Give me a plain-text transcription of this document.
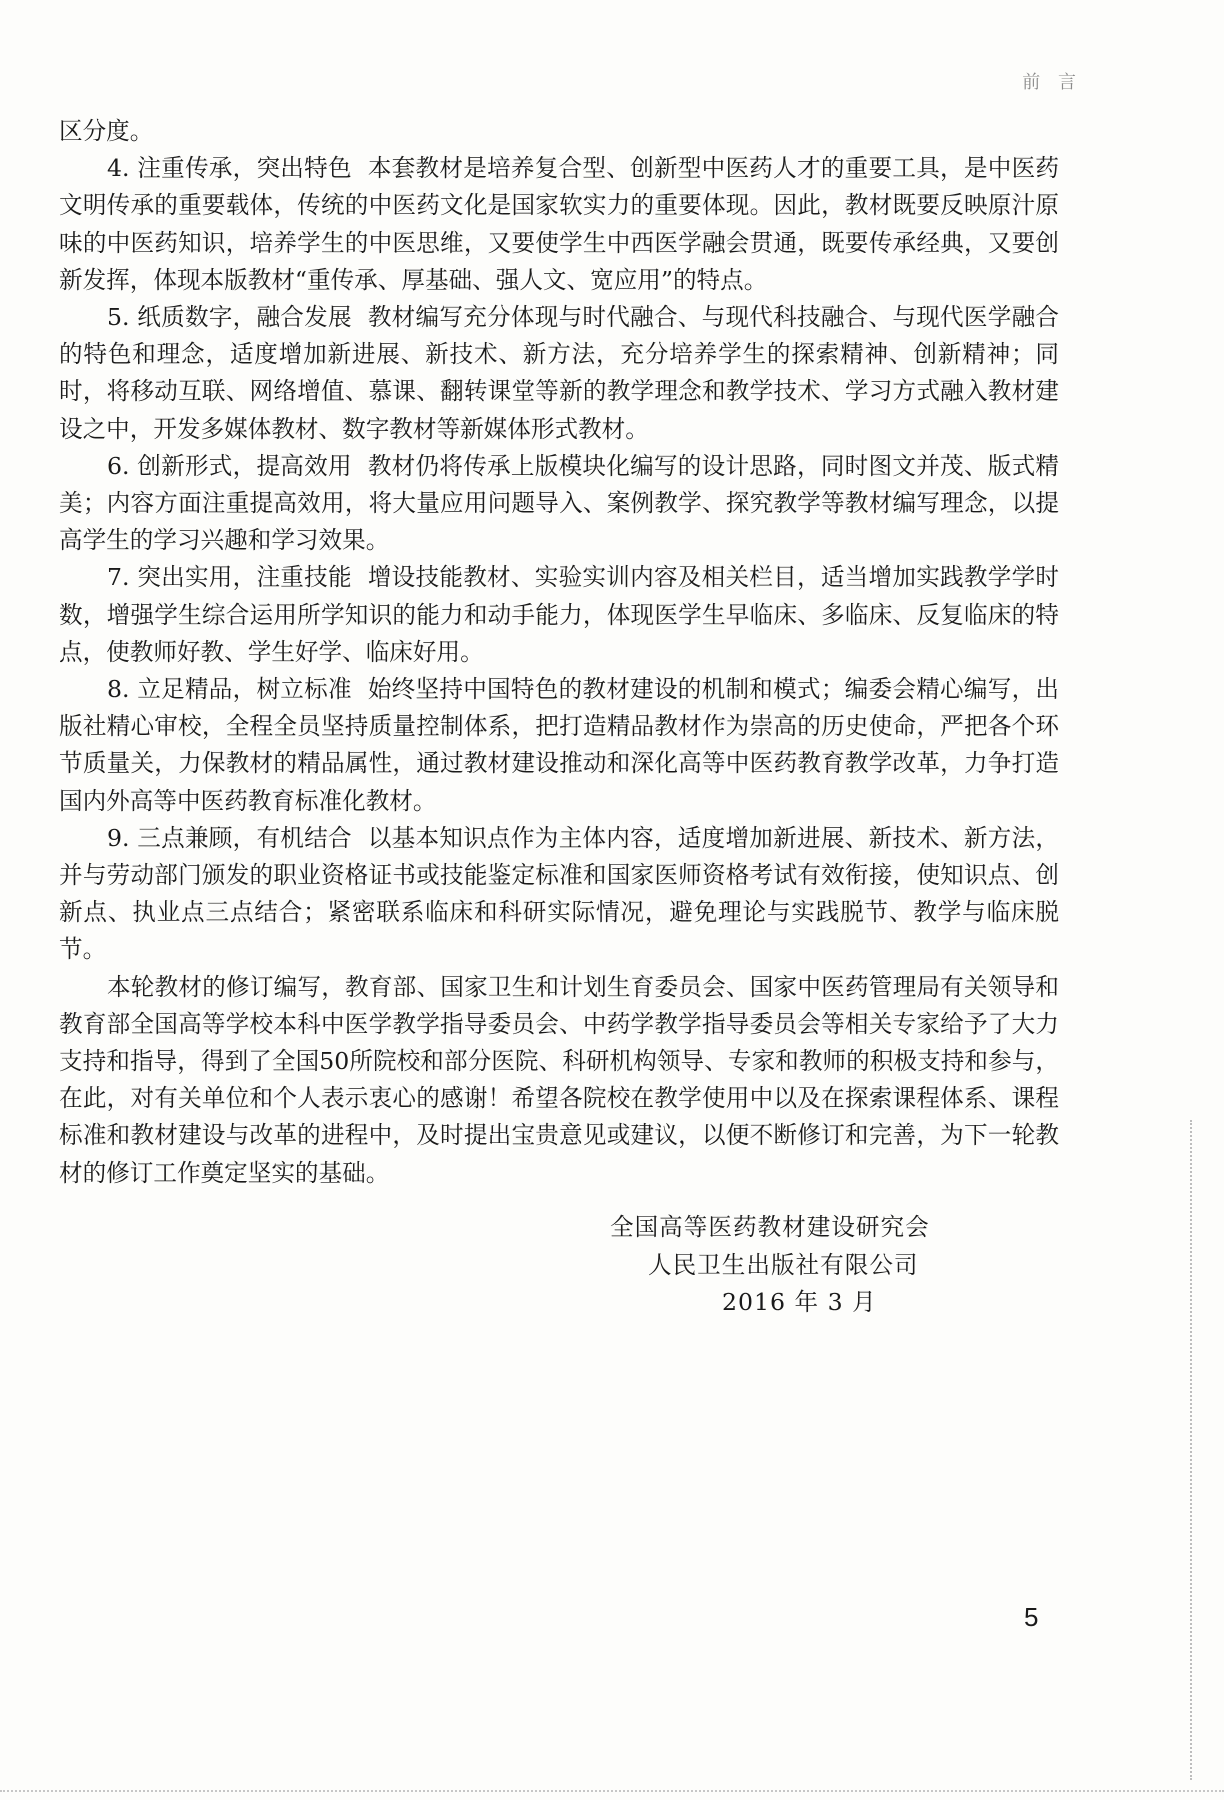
前 言

区分度。

4. 注重传承，突出特色 本套教材是培养复合型、创新型中医药人才的重要工具，是中医药文明传承的重要载体，传统的中医药文化是国家软实力的重要体现。因此，教材既要反映原汁原味的中医药知识，培养学生的中医思维，又要使学生中西医学融会贯通，既要传承经典，又要创新发挥，体现本版教材“重传承、厚基础、强人文、宽应用”的特点。

5. 纸质数字，融合发展 教材编写充分体现与时代融合、与现代科技融合、与现代医学融合的特色和理念，适度增加新进展、新技术、新方法，充分培养学生的探索精神、创新精神；同时，将移动互联、网络增值、慕课、翻转课堂等新的教学理念和教学技术、学习方式融入教材建设之中，开发多媒体教材、数字教材等新媒体形式教材。

6. 创新形式，提高效用 教材仍将传承上版模块化编写的设计思路，同时图文并茂、版式精美；内容方面注重提高效用，将大量应用问题导入、案例教学、探究教学等教材编写理念，以提高学生的学习兴趣和学习效果。

7. 突出实用，注重技能 增设技能教材、实验实训内容及相关栏目，适当增加实践教学学时数，增强学生综合运用所学知识的能力和动手能力，体现医学生早临床、多临床、反复临床的特点，使教师好教、学生好学、临床好用。

8. 立足精品，树立标准 始终坚持中国特色的教材建设的机制和模式；编委会精心编写，出版社精心审校，全程全员坚持质量控制体系，把打造精品教材作为崇高的历史使命，严把各个环节质量关，力保教材的精品属性，通过教材建设推动和深化高等中医药教育教学改革，力争打造国内外高等中医药教育标准化教材。

9. 三点兼顾，有机结合 以基本知识点作为主体内容，适度增加新进展、新技术、新方法，并与劳动部门颁发的职业资格证书或技能鉴定标准和国家医师资格考试有效衔接，使知识点、创新点、执业点三点结合；紧密联系临床和科研实际情况，避免理论与实践脱节、教学与临床脱节。

本轮教材的修订编写，教育部、国家卫生和计划生育委员会、国家中医药管理局有关领导和教育部全国高等学校本科中医学教学指导委员会、中药学教学指导委员会等相关专家给予了大力支持和指导，得到了全国50所院校和部分医院、科研机构领导、专家和教师的积极支持和参与，在此，对有关单位和个人表示衷心的感谢！希望各院校在教学使用中以及在探索课程体系、课程标准和教材建设与改革的进程中，及时提出宝贵意见或建议，以便不断修订和完善，为下一轮教材的修订工作奠定坚实的基础。

全国高等医药教材建设研究会
人民卫生出版社有限公司
2016 年 3 月
5
